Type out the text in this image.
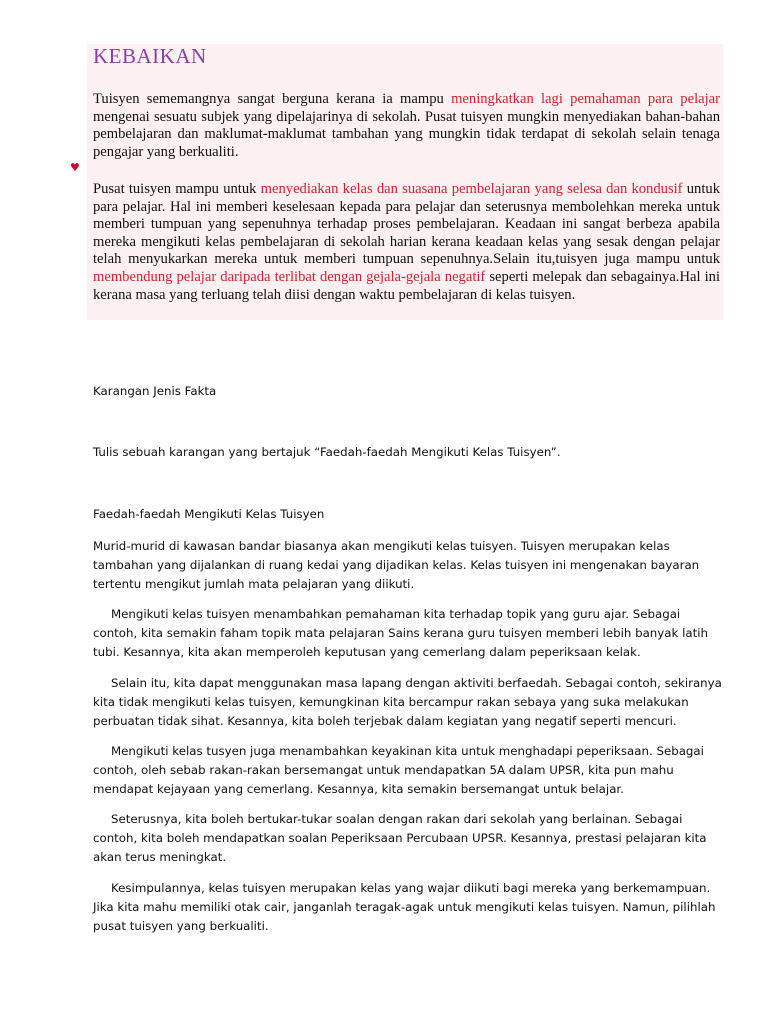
♥
KEBAIKAN

Tuisyen sememangnya sangat berguna kerana ia mampu meningkatkan lagi pemahaman para pelajar mengenai sesuatu subjek yang dipelajarinya di sekolah. Pusat tuisyen mungkin menyediakan bahan-bahan pembelajaran dan maklumat-maklumat tambahan yang mungkin tidak terdapat di sekolah selain tenaga pengajar yang berkualiti.

Pusat tuisyen mampu untuk menyediakan kelas dan suasana pembelajaran yang selesa dan kondusif untuk para pelajar. Hal ini memberi keselesaan kepada para pelajar dan seterusnya membolehkan mereka untuk memberi tumpuan yang sepenuhnya terhadap proses pembelajaran. Keadaan ini sangat berbeza apabila mereka mengikuti kelas pembelajaran di sekolah harian kerana keadaan kelas yang sesak dengan pelajar telah menyukarkan mereka untuk memberi tumpuan sepenuhnya.Selain itu,tuisyen juga mampu untuk membendung pelajar daripada terlibat dengan gejala-gejala negatif seperti melepak dan sebagainya.Hal ini kerana masa yang terluang telah diisi dengan waktu pembelajaran di kelas tuisyen.

Karangan Jenis Fakta
Tulis sebuah karangan yang bertajuk “Faedah-faedah Mengikuti Kelas Tuisyen”.
Faedah-faedah Mengikuti Kelas Tuisyen

Murid-murid di kawasan bandar biasanya akan mengikuti kelas tuisyen. Tuisyen merupakan kelas tambahan yang dijalankan di ruang kedai yang dijadikan kelas. Kelas tuisyen ini mengenakan bayaran tertentu mengikut jumlah mata pelajaran yang diikuti.

Mengikuti kelas tuisyen menambahkan pemahaman kita terhadap topik yang guru ajar. Sebagai contoh, kita semakin faham topik mata pelajaran Sains kerana guru tuisyen memberi lebih banyak latih tubi. Kesannya, kita akan memperoleh keputusan yang cemerlang dalam peperiksaan kelak.

Selain itu, kita dapat menggunakan masa lapang dengan aktiviti berfaedah. Sebagai contoh, sekiranya kita tidak mengikuti kelas tuisyen, kemungkinan kita bercampur rakan sebaya yang suka melakukan perbuatan tidak sihat. Kesannya, kita boleh terjebak dalam kegiatan yang negatif seperti mencuri.

Mengikuti kelas tusyen juga menambahkan keyakinan kita untuk menghadapi peperiksaan. Sebagai contoh, oleh sebab rakan-rakan bersemangat untuk mendapatkan 5A dalam UPSR, kita pun mahu mendapat kejayaan yang cemerlang. Kesannya, kita semakin bersemangat untuk belajar.

Seterusnya, kita boleh bertukar-tukar soalan dengan rakan dari sekolah yang berlainan. Sebagai contoh, kita boleh mendapatkan soalan Peperiksaan Percubaan UPSR. Kesannya, prestasi pelajaran kita akan terus meningkat.

Kesimpulannya, kelas tuisyen merupakan kelas yang wajar diikuti bagi mereka yang berkemampuan. Jika kita mahu memiliki otak cair, janganlah teragak-agak untuk mengikuti kelas tuisyen. Namun, pilihlah pusat tuisyen yang berkualiti.
